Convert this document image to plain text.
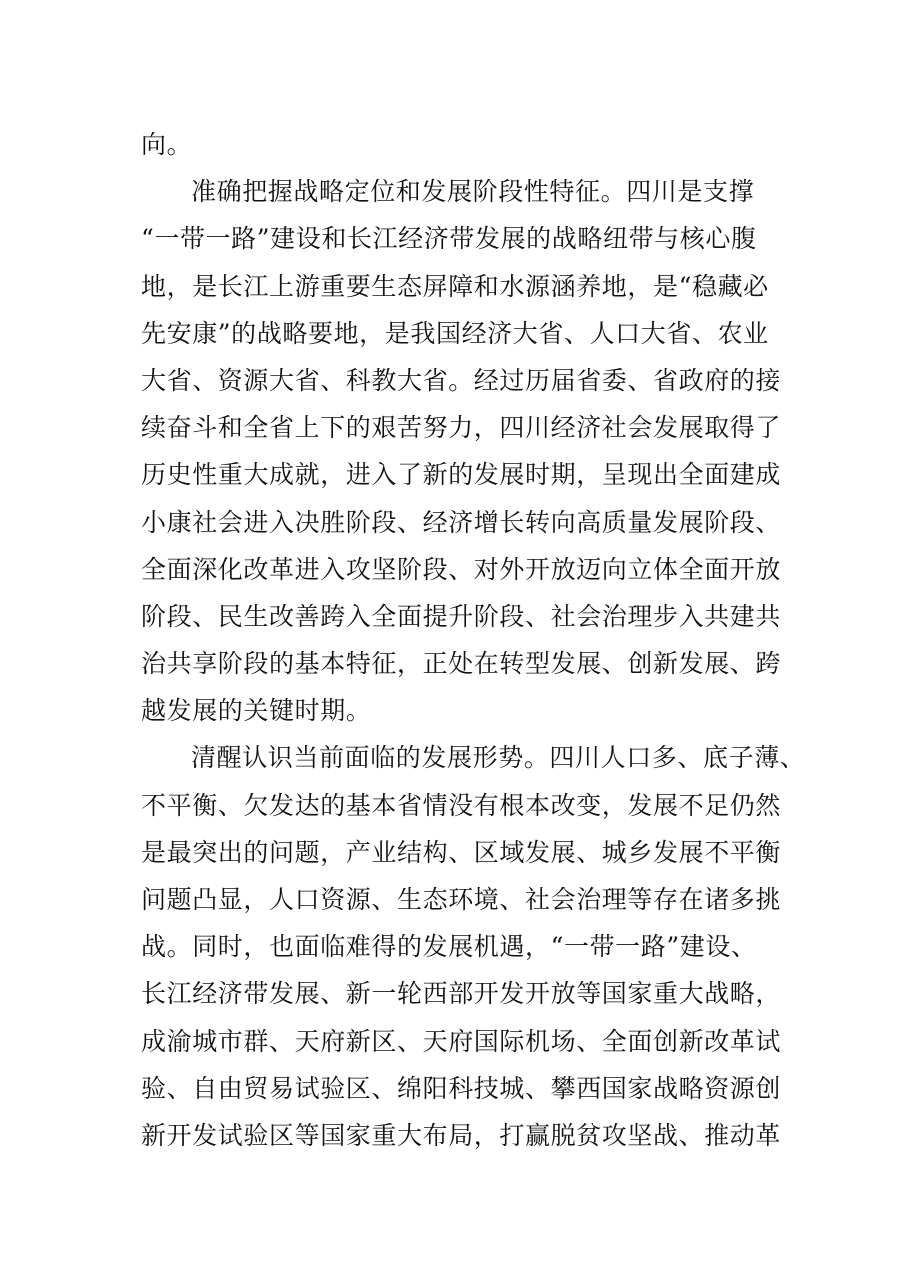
向。
准确把握战略定位和发展阶段性特征。四川是支撑
“一带一路”建设和长江经济带发展的战略纽带与核心腹
地，是长江上游重要生态屏障和水源涵养地，是“稳藏必
先安康”的战略要地，是我国经济大省、人口大省、农业
大省、资源大省、科教大省。经过历届省委、省政府的接
续奋斗和全省上下的艰苦努力，四川经济社会发展取得了
历史性重大成就，进入了新的发展时期，呈现出全面建成
小康社会进入决胜阶段、经济增长转向高质量发展阶段、
全面深化改革进入攻坚阶段、对外开放迈向立体全面开放
阶段、民生改善跨入全面提升阶段、社会治理步入共建共
治共享阶段的基本特征，正处在转型发展、创新发展、跨
越发展的关键时期。
清醒认识当前面临的发展形势。四川人口多、底子薄、
不平衡、欠发达的基本省情没有根本改变，发展不足仍然
是最突出的问题，产业结构、区域发展、城乡发展不平衡
问题凸显，人口资源、生态环境、社会治理等存在诸多挑
战。同时，也面临难得的发展机遇，“一带一路”建设、
长江经济带发展、新一轮西部开发开放等国家重大战略，
成渝城市群、天府新区、天府国际机场、全面创新改革试
验、自由贸易试验区、绵阳科技城、攀西国家战略资源创
新开发试验区等国家重大布局，打赢脱贫攻坚战、推动革
